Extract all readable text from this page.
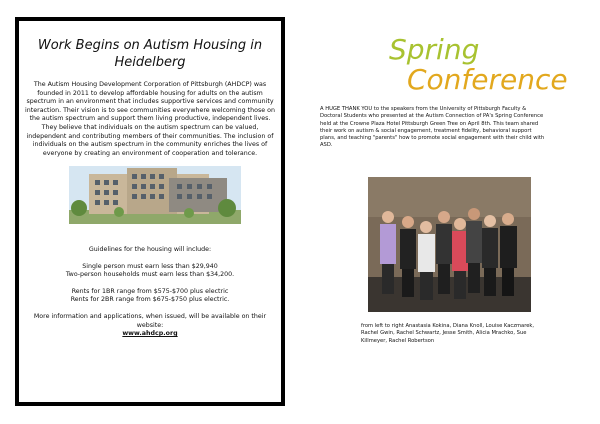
Work Begins on Autism Housing in Heidelberg
The Autism Housing Development Corporation of Pittsburgh (AHDCP) was founded in 2011 to develop affordable housing for adults on the autism spectrum in an environment that includes supportive services and community interaction. Their vision is to see communities everywhere welcoming those on the autism spectrum and support them living productive, independent lives. They believe that individuals on the autism spectrum can be valued, independent and contributing members of their communities. The inclusion of individuals on the autism spectrum in the community enriches the lives of everyone by creating an environment of cooperation and tolerance.

Guidelines for the housing will include:

Single person must earn less than $29,940
Two-person households must earn less than $34,200.

Rents for 1BR range from $575-$700 plus electric
Rents for 2BR range from $675-$750 plus electric.

More information and applications, when issued, will be available on their website:
www.ahdcp.org

Spring
Conference
A HUGE THANK YOU to the speakers from the University of Pittsburgh Faculty & Doctoral Students who presented at the Autism Connection of PA's Spring Conference held at the Crowne Plaza Hotel Pittsburgh Green Tree on April 8th. This team shared their work on autism & social engagement, treatment fidelity, behavioral support plans, and teaching "parents" how to promote social engagement with their child with ASD.
from left to right Anastasia Kokina, Diana Knoll, Louise Kaczmarek, Rachel Gwin, Rachel Schwartz, Jesse Smith, Alicia Mrachko, Sue Killmeyer, Rachel Robertson
